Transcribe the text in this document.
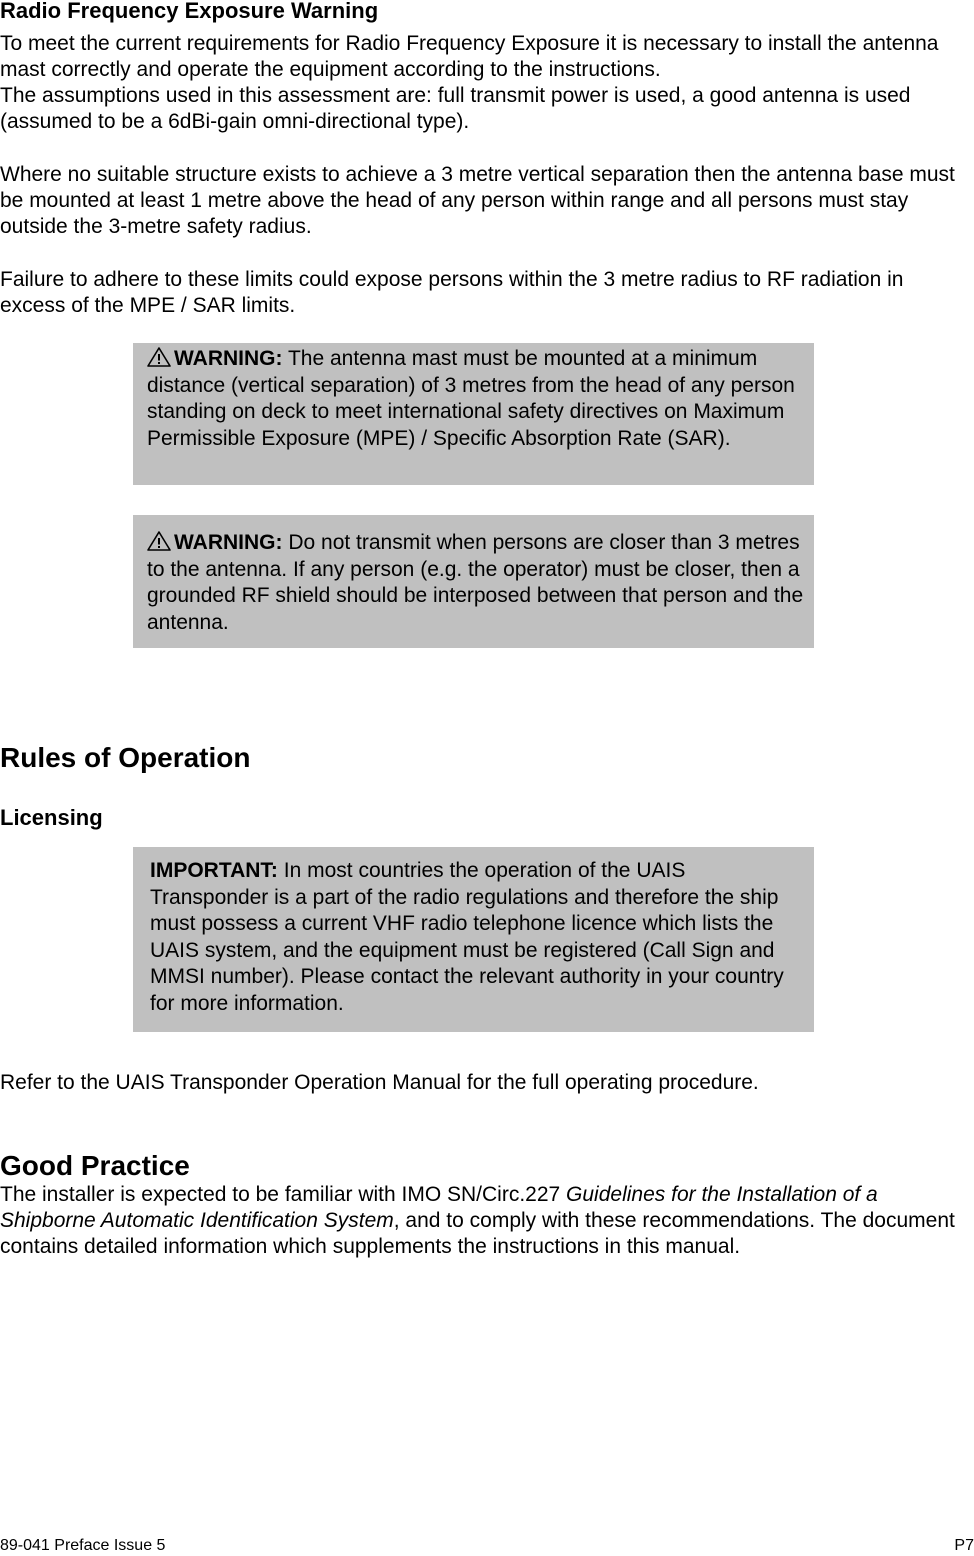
Radio Frequency Exposure Warning

To meet the current requirements for Radio Frequency Exposure it is necessary to install the antenna mast correctly and operate the equipment according to the instructions.

The assumptions used in this assessment are: full transmit power is used, a good antenna is used (assumed to be a 6dBi-gain omni-directional type).

Where no suitable structure exists to achieve a 3 metre vertical separation then the antenna base must be mounted at least 1 metre above the head of any person within range and all persons must stay outside the 3-metre safety radius.
Failure to adhere to these limits could expose persons within the 3 metre radius to RF radiation in excess of the MPE / SAR limits.
WARNING: The antenna mast must be mounted at a minimum distance (vertical separation) of 3 metres from the head of any person standing on deck to meet international safety directives on Maximum Permissible Exposure (MPE) / Specific Absorption Rate (SAR).
WARNING: Do not transmit when persons are closer than 3 metres to the antenna. If any person (e.g. the operator) must be closer, then a grounded RF shield should be interposed between that person and the antenna.
Rules of Operation
Licensing
IMPORTANT: In most countries the operation of the UAIS Transponder is a part of the radio regulations and therefore the ship must possess a current VHF radio telephone licence which lists the UAIS system, and the equipment must be registered (Call Sign and MMSI number). Please contact the relevant authority in your country for more information.
Refer to the UAIS Transponder Operation Manual for the full operating procedure.
Good Practice
The installer is expected to be familiar with IMO SN/Circ.227 Guidelines for the Installation of a Shipborne Automatic Identification System, and to comply with these recommendations. The document contains detailed information which supplements the instructions in this manual.
89-041 Preface Issue 5	P7
